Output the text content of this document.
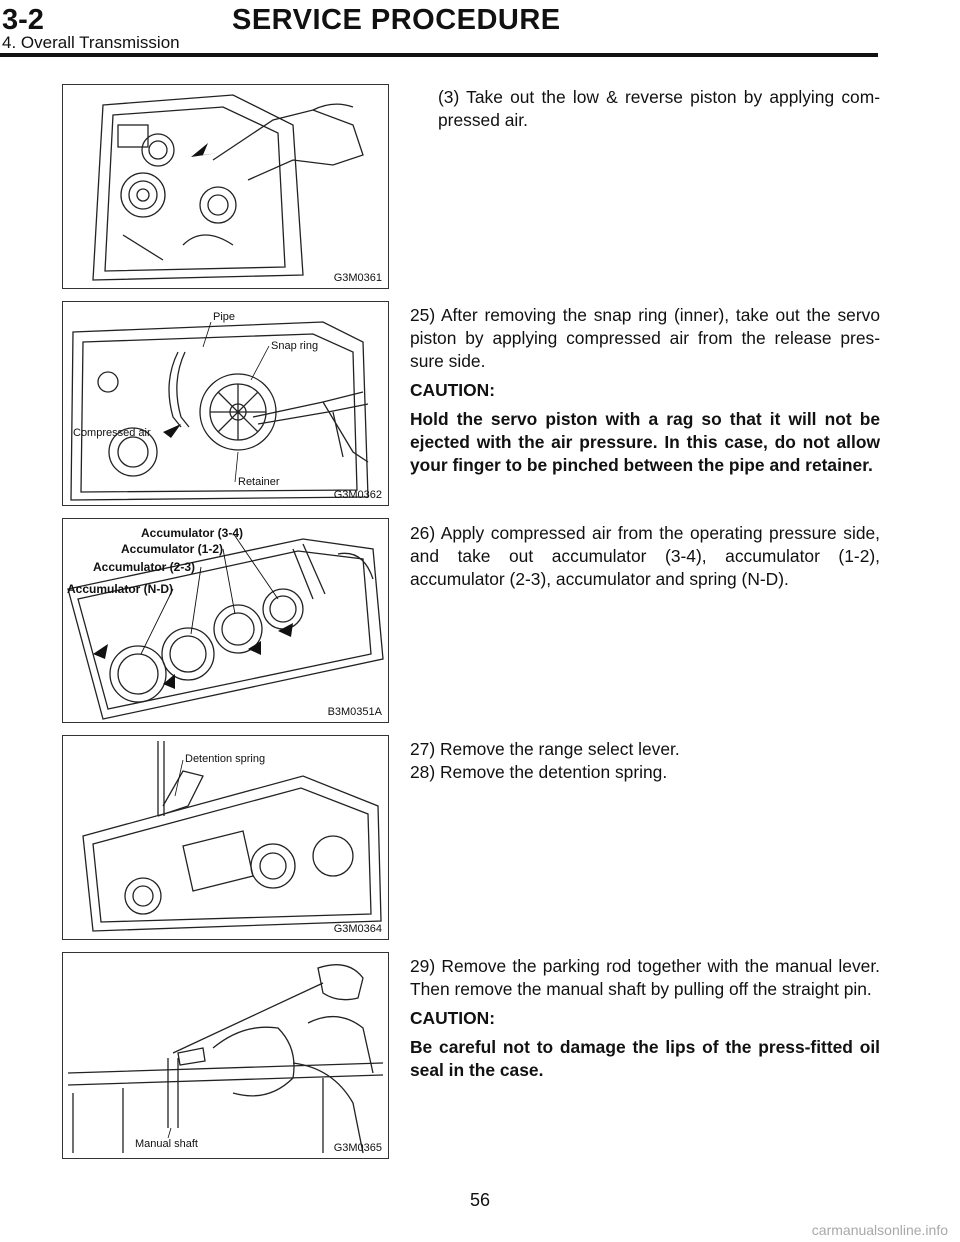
3-2	SERVICE PROCEDURE
4. Overall Transmission
G3M0361
Pipe
Snap ring
Compressed air
Retainer
G3M0362
Accumulator (3-4)
Accumulator (1-2)
Accumulator (2-3)
Accumulator (N-D)
B3M0351A
Detention spring
G3M0364
Manual shaft	G3M0365

(3) Take out the low & reverse piston by applying com- pressed air.

25) After removing the snap ring (inner), take out the servo piston by applying compressed air from the release pres- sure side.

CAUTION:

Hold the servo piston with a rag so that it will not be ejected with the air pressure. In this case, do not allow your finger to be pinched between the pipe and retainer.

26) Apply compressed air from the operating pressure side, and take out accumulator (3-4), accumulator (1-2), accumulator (2-3), accumulator and spring (N-D).

27) Remove the range select lever.

28) Remove the detention spring.

29) Remove the parking rod together with the manual lever. Then remove the manual shaft by pulling off the straight pin.

CAUTION:

Be careful not to damage the lips of the press-fitted oil seal in the case.

56
carmanualsonline.info
